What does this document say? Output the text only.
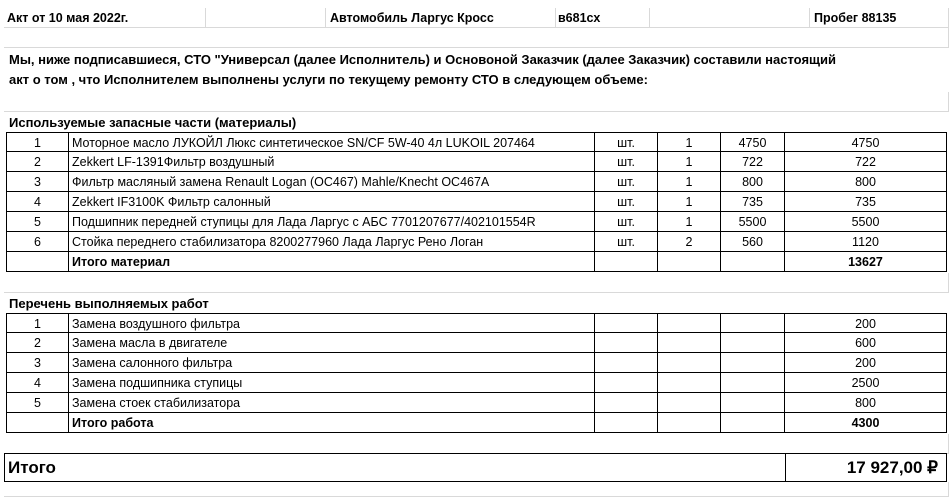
Акт от 10 мая 2022г.	Автомобиль Ларгус Кросс	в681сх	Пробег 88135
Мы, ниже подписавшиеся, СТО "Универсал (далее Исполнитель) и Основоной Заказчик (далее Заказчик) составили настоящий
акт о том , что Исполнителем выполнены услуги по текущему ремонту СТО в следующем объеме:
Используемые запасные части (материалы)
1	Моторное масло ЛУКОЙЛ Люкс синтетическое SN/CF 5W-40 4л LUKOIL 207464	шт.	1	4750	4750
2	Zekkert LF-1391Фильтр воздушный	шт.	1	722	722
3	Фильтр масляный замена Renault Logan (OC467) Mahle/Knecht OC467A	шт.	1	800	800
4	Zekkert IF3100K Фильтр салонный	шт.	1	735	735
5	Подшипник передней ступицы для Лада Ларгус с АБС 7701207677/402101554R	шт.	1	5500	5500
6	Стойка переднего стабилизатора 8200277960 Лада Ларгус Рено Логан	шт.	2	560	1120
Итого материал	13627
Перечень выполняемых работ
1	Замена воздушного фильтра	200
2	Замена масла в двигателе	600
3	Замена салонного фильтра	200
4	Замена подшипника ступицы	2500
5	Замена стоек стабилизатора	800
Итого работа	4300
Итого	17 927,00 ₽
